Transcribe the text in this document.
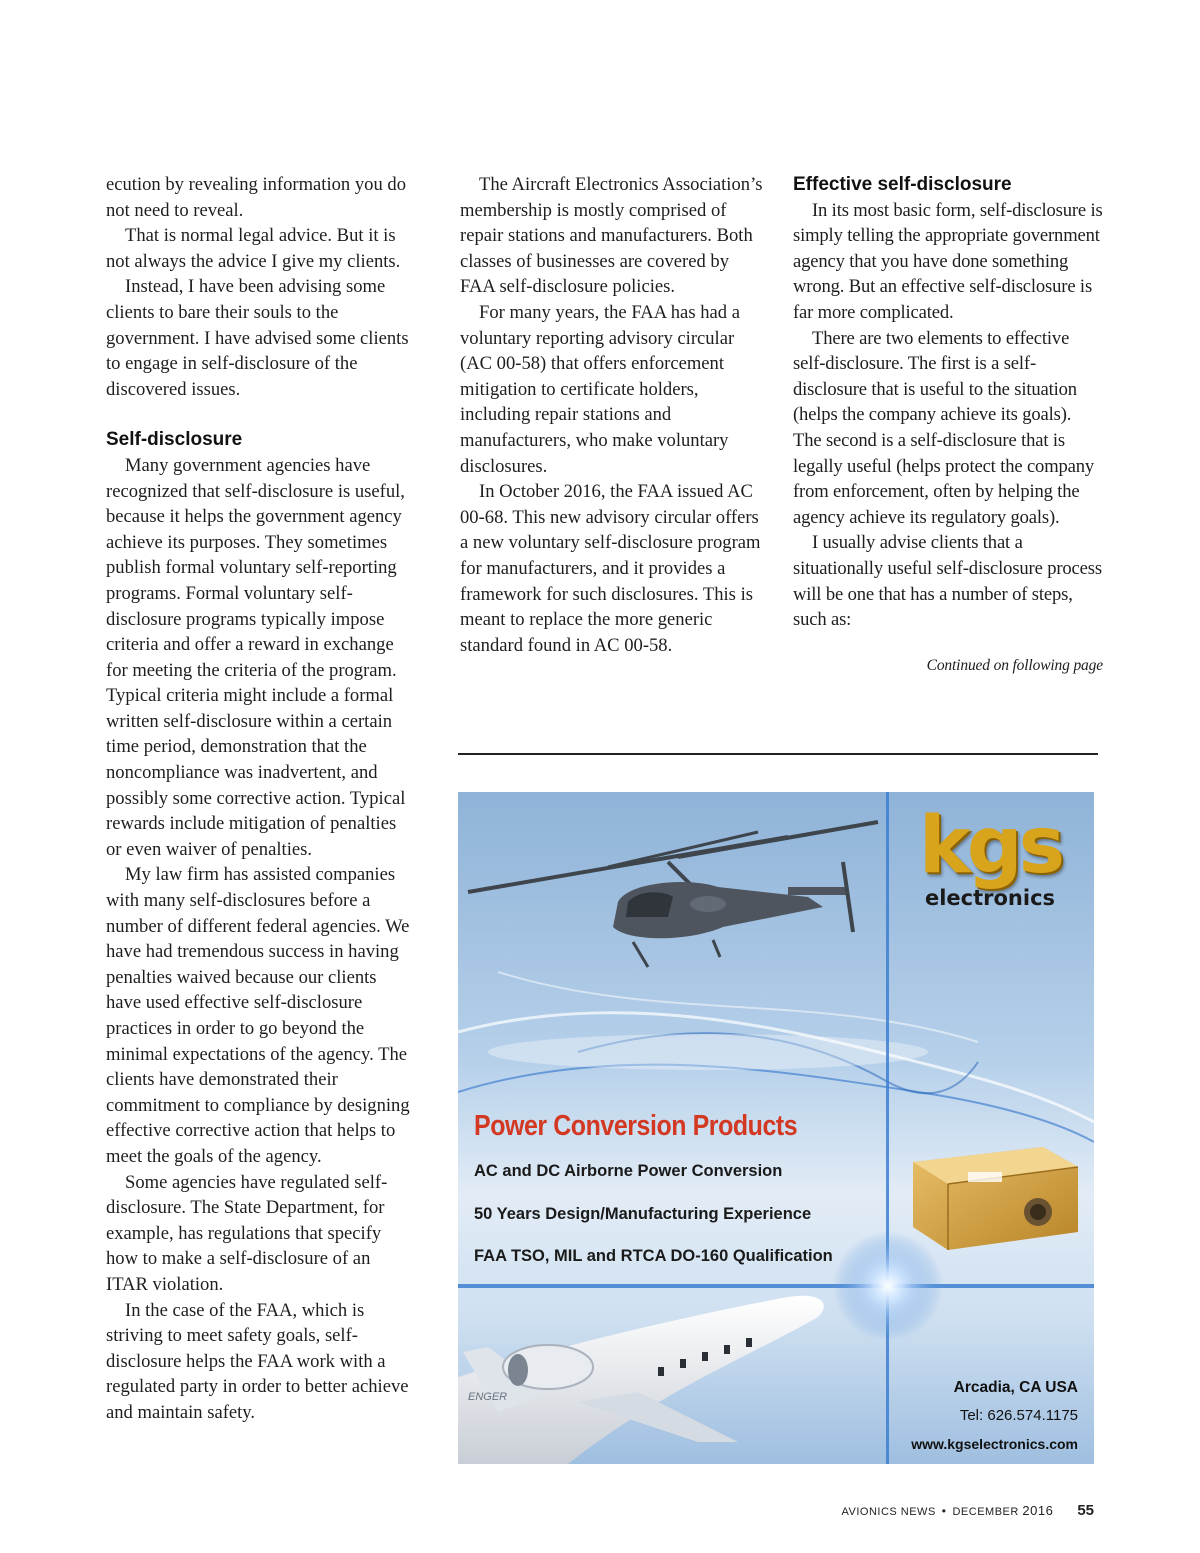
ecution by revealing information you do not need to reveal.

That is normal legal advice. But it is not always the advice I give my clients.

Instead, I have been advising some clients to bare their souls to the government. I have advised some clients to engage in self-disclosure of the discovered issues.

Self-disclosure

Many government agencies have recognized that self-disclosure is useful, because it helps the government agency achieve its purposes. They sometimes publish formal voluntary self-reporting programs. Formal voluntary self-disclosure programs typically impose criteria and offer a reward in exchange for meeting the criteria of the program. Typical criteria might include a formal written self-disclosure within a certain time period, demonstration that the noncompliance was inadvertent, and possibly some corrective action. Typical rewards include mitigation of penalties or even waiver of penalties.

My law firm has assisted companies with many self-disclosures before a number of different federal agencies. We have had tremendous success in having penalties waived because our clients have used effective self-disclosure practices in order to go beyond the minimal expectations of the agency. The clients have demonstrated their commitment to compliance by designing effective corrective action that helps to meet the goals of the agency.

Some agencies have regulated self-disclosure. The State Department, for example, has regulations that specify how to make a self-disclosure of an ITAR violation.

In the case of the FAA, which is striving to meet safety goals, self-disclosure helps the FAA work with a regulated party in order to better achieve and maintain safety.

The Aircraft Electronics Association’s membership is mostly comprised of repair stations and manufacturers. Both classes of businesses are covered by FAA self-disclosure policies.

For many years, the FAA has had a voluntary reporting advisory circular (AC 00-58) that offers enforcement mitigation to certificate holders, including repair stations and manufacturers, who make voluntary disclosures.

In October 2016, the FAA issued AC 00-68. This new advisory circular offers a new voluntary self-disclosure program for manufacturers, and it provides a framework for such disclosures. This is meant to replace the more generic standard found in AC 00-58.

Effective self-disclosure

In its most basic form, self-disclosure is simply telling the appropriate government agency that you have done something wrong. But an effective self-disclosure is far more complicated.

There are two elements to effective self-disclosure. The first is a self-disclosure that is useful to the situation (helps the company achieve its goals). The second is a self-disclosure that is legally useful (helps protect the company from enforcement, often by helping the agency achieve its regulatory goals).

I usually advise clients that a situationally useful self-disclosure process will be one that has a number of steps, such as:

Continued on following page

ENGER
kgs
electronics
Power Conversion Products
AC and DC Airborne Power Conversion
50 Years Design/Manufacturing Experience
FAA TSO, MIL and RTCA DO-160 Qualification
Arcadia, CA USA
Tel: 626.574.1175
www.kgselectronics.com
AVIONICS NEWS • DECEMBER 2016 55
